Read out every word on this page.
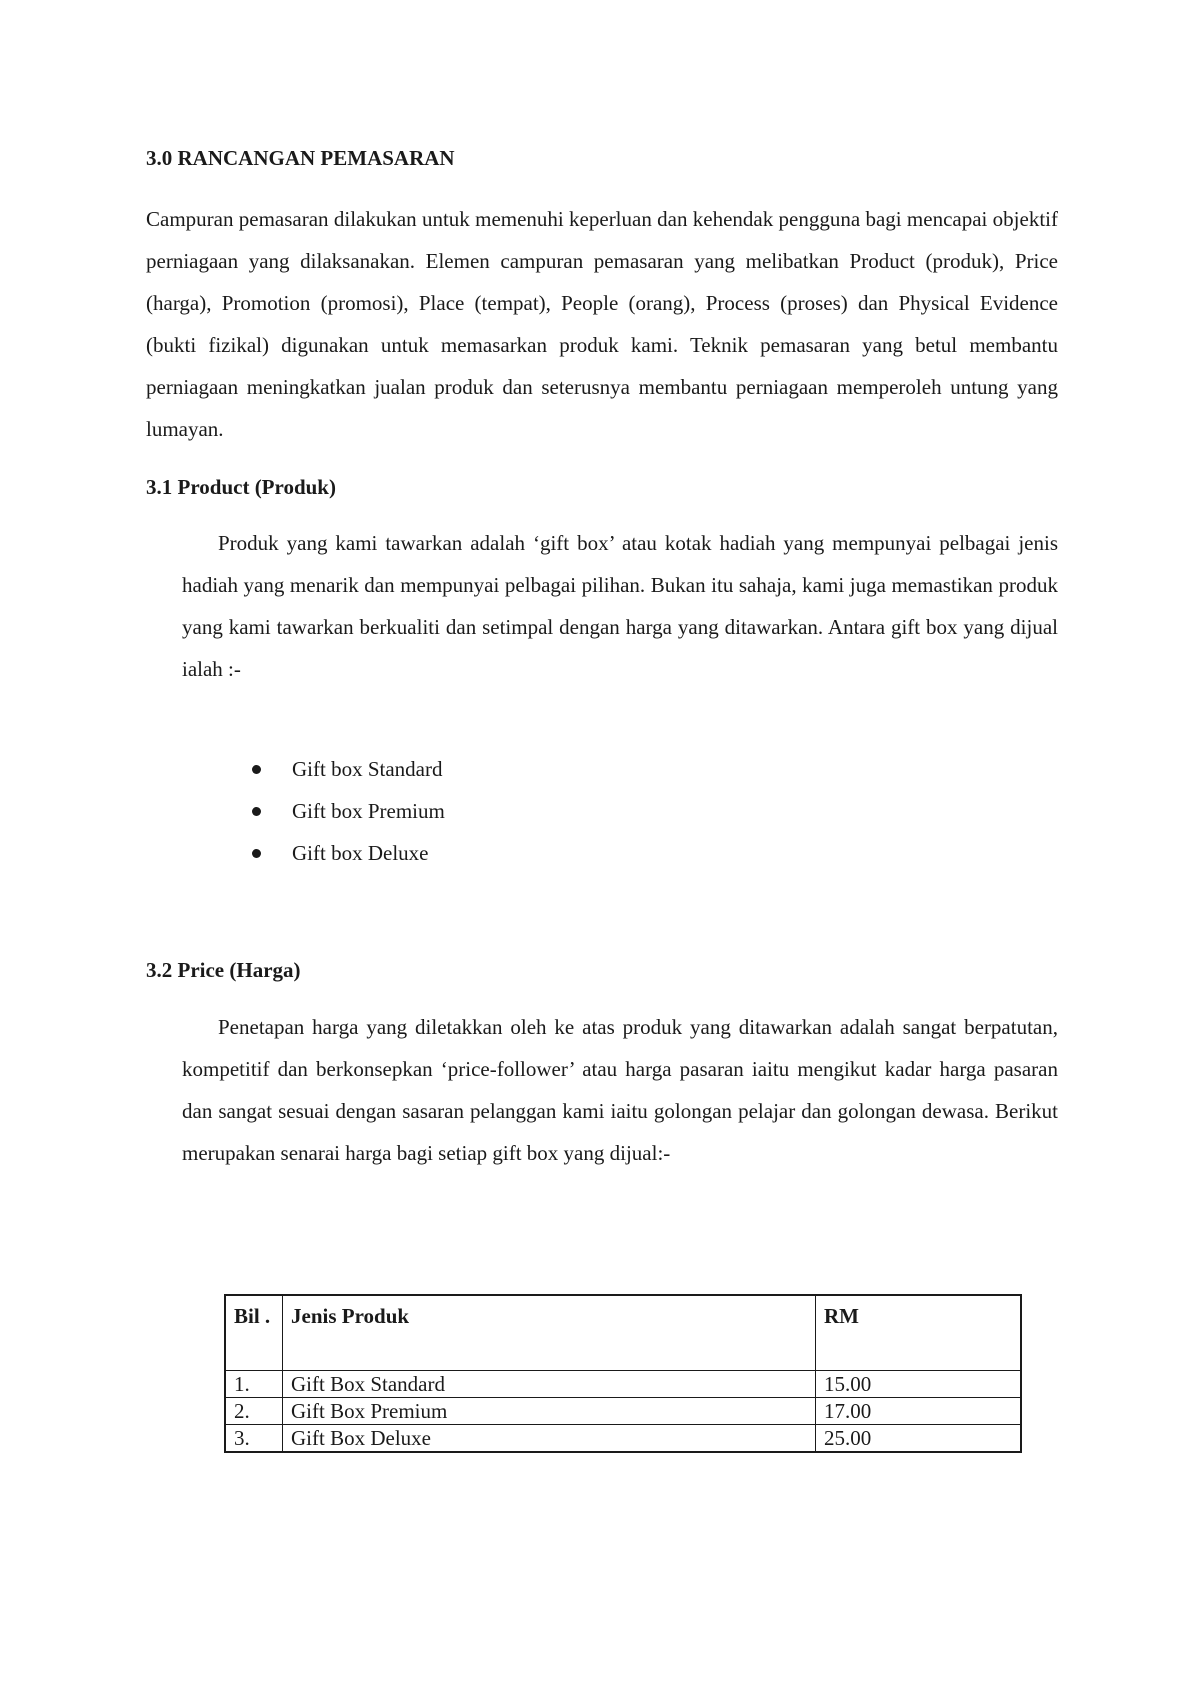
3.0 RANCANGAN PEMASARAN

Campuran pemasaran dilakukan untuk memenuhi keperluan dan kehendak pengguna bagi mencapai objektif perniagaan yang dilaksanakan. Elemen campuran pemasaran yang melibatkan Product (produk), Price (harga), Promotion (promosi), Place (tempat), People (orang), Process (proses) dan Physical Evidence (bukti fizikal) digunakan untuk memasarkan produk kami. Teknik pemasaran yang betul membantu perniagaan meningkatkan jualan produk dan seterusnya membantu perniagaan memperoleh untung yang lumayan.

3.1 Product (Produk)

Produk yang kami tawarkan adalah ‘gift box’ atau kotak hadiah yang mempunyai pelbagai jenis hadiah yang menarik dan mempunyai pelbagai pilihan. Bukan itu sahaja, kami juga memastikan produk yang kami tawarkan berkualiti dan setimpal dengan harga yang ditawarkan. Antara gift box yang dijual ialah :-

Gift box Standard
Gift box Premium
Gift box Deluxe
3.2 Price (Harga)

Penetapan harga yang diletakkan oleh ke atas produk yang ditawarkan adalah sangat berpatutan, kompetitif dan berkonsepkan ‘price-follower’ atau harga pasaran iaitu mengikut kadar harga pasaran dan sangat sesuai dengan sasaran pelanggan kami iaitu golongan pelajar dan golongan dewasa. Berikut merupakan senarai harga bagi setiap gift box yang dijual:-

Bil .	Jenis Produk	RM
1.	Gift Box Standard	15.00
2.	Gift Box Premium	17.00
3.	Gift Box Deluxe	25.00
